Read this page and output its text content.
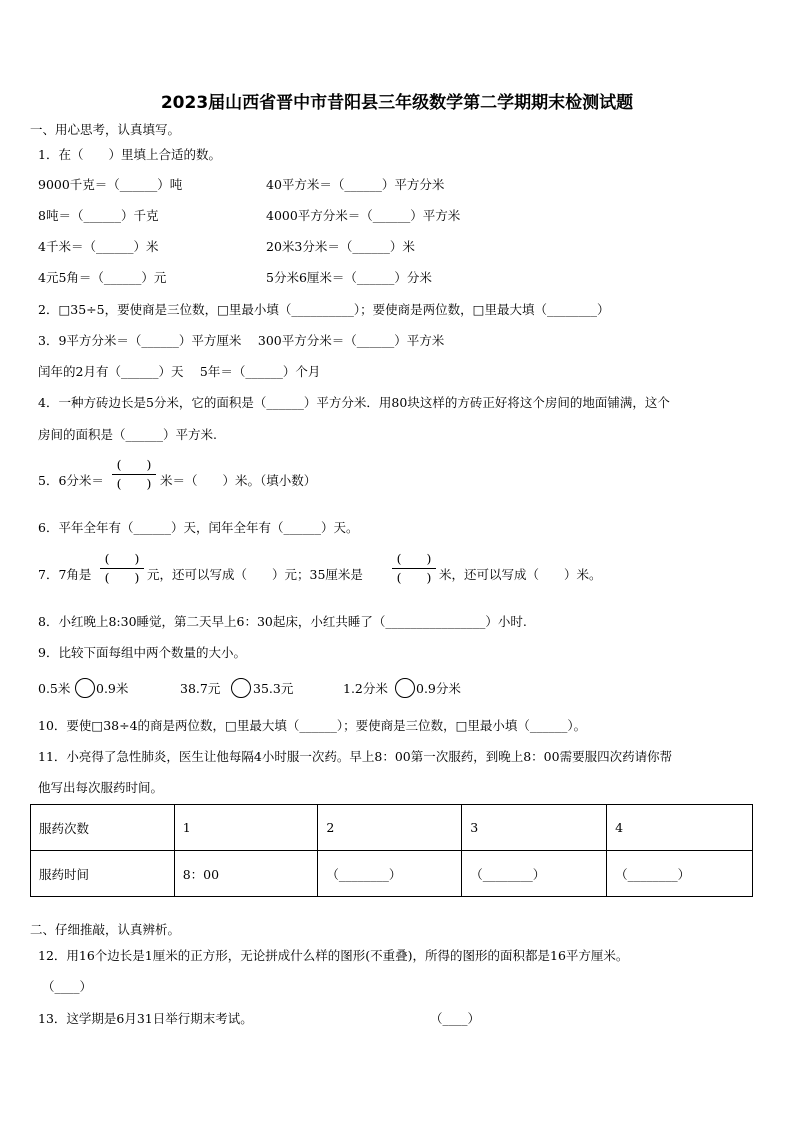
2023届山西省晋中市昔阳县三年级数学第二学期期末检测试题
一、用心思考，认真填写。
1．在（　　）里填上合适的数。
9000千克＝（______）吨	40平方米＝（______）平方分米
8吨＝（______）千克	4000平方分米＝（______）平方米
4千米＝（______）米	20米3分米＝（______）米
4元5角＝（______）元	5分米6厘米＝（______）分米
2．□35÷5，要使商是三位数，□里最小填（__________）；要使商是两位数，□里最大填（________）
3．9平方分米＝（______）平方厘米　 300平方分米＝（______）平方米
闰年的2月有（______）天　 5年＝（______）个月
4．一种方砖边长是5分米，它的面积是（______）平方分米．用80块这样的方砖正好将这个房间的地面铺满，这个
房间的面积是（______）平方米.
5．6分米＝
(　　)
(　　) 米＝（　　）米。（填小数）
6．平年全年有（______）天，闰年全年有（______）天。
7．7角是
(　　)
(　　) 元，还可以写成（　　）元；35厘米是
(　　)
(　　) 米，还可以写成（　　）米。
8．小红晚上8:30睡觉，第二天早上6：30起床，小红共睡了（________________）小时.
9．比较下面每组中两个数量的大小。
0.5米 0.9米	38.7元	35.3元	1.2分米 0.9分米
10．要使□38÷4的商是两位数，□里最大填（______）；要使商是三位数，□里最小填（______）。
11．小亮得了急性肺炎，医生让他每隔4小时服一次药。早上8：00第一次服药，到晚上8：00需要服四次药请你帮
他写出每次服药时间。
服药次数	1	2	3	4
服药时间	8：00	（________）	（________）	（________）
二、仔细推敲，认真辨析。
12．用16个边长是1厘米的正方形，无论拼成什么样的图形(不重叠)，所得的图形的面积都是16平方厘米。
（____）
13．这学期是6月31日举行期末考试。	（____）
